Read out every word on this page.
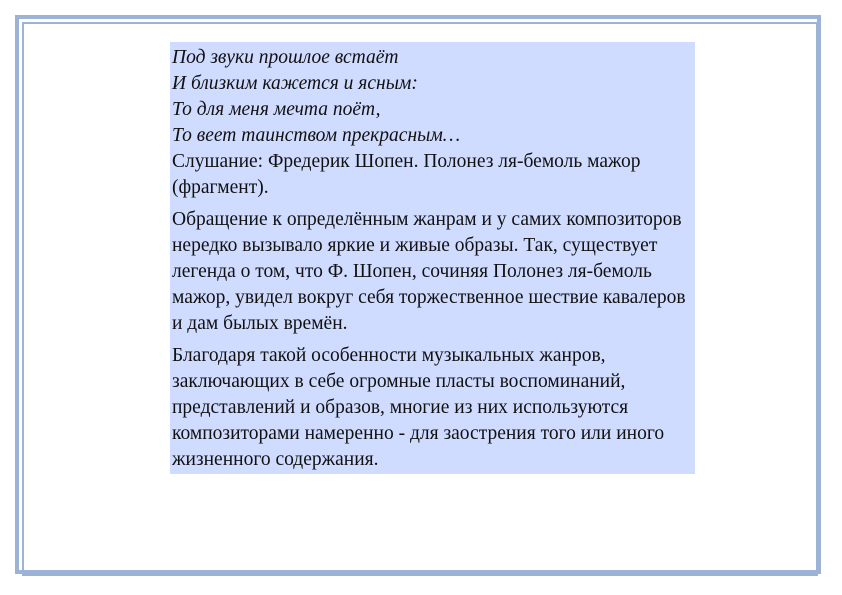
Под звуки прошлое встаёт
И близким кажется и ясным:
То для меня мечта поёт,
То веет таинством прекрасным…

Слушание: Фредерик Шопен. Полонез ля-бемоль мажор (фрагмент).

Обращение к определённым жанрам и у самих композиторов нередко вызывало яркие и живые образы. Так, существует легенда о том, что Ф. Шопен, сочиняя Полонез ля-бемоль мажор, увидел вокруг себя торжественное шествие кавалеров и дам былых времён.

Благодаря такой особенности музыкальных жанров, заключающих в себе огромные пласты воспоминаний, представлений и образов, многие из них используются композиторами намеренно - для заострения того или иного жизненного содержания.
